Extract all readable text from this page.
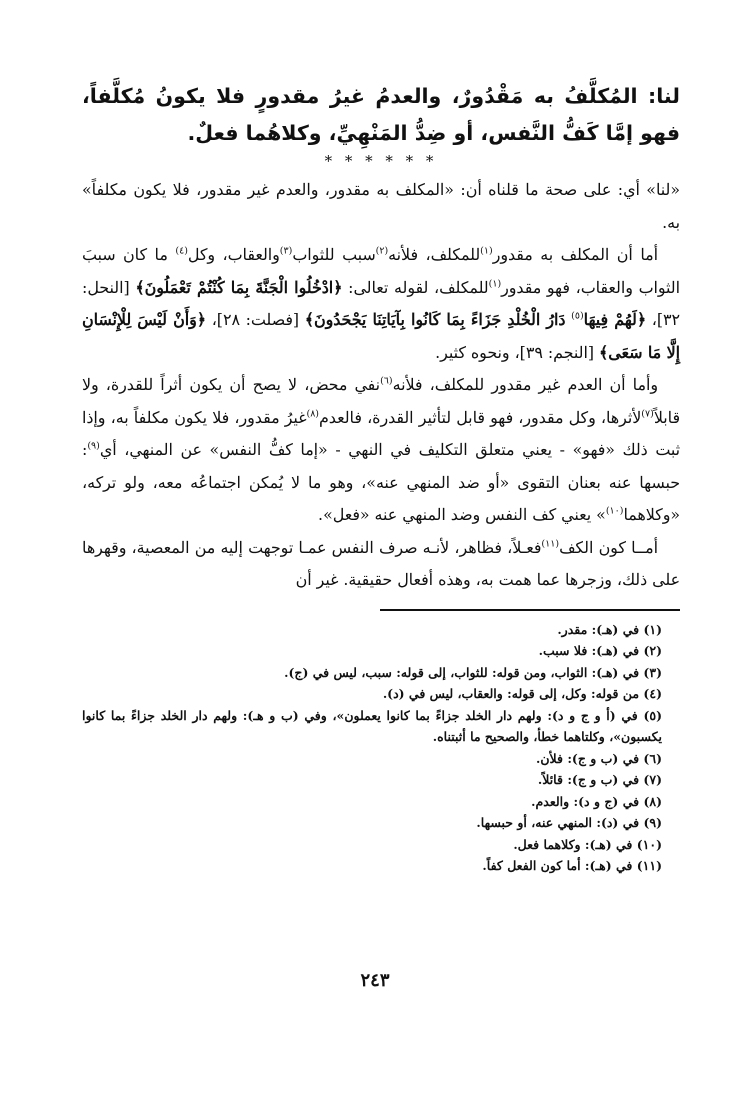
لنا: المُكلَّفُ به مَقْدُورٌ، والعدمُ غيرُ مقدورٍ فلا يكونُ مُكلَّفاً، فهو إمَّا كَفُّ النَّفس، أو ضِدُّ المَنْهِيِّ، وكلاهُما فعلٌ.

* * * * * *

«لنا» أي: على صحة ما قلناه أن: «المكلف به مقدور، والعدم غير مقدور، فلا يكون مكلفاً» به.

أما أن المكلف به مقدور$^{(١)}$للمكلف، فلأنه$^{(٢)}$سبب للثواب$^{(٣)}$والعقاب، وكل$^{(٤)}$ ما كان سببَ الثواب والعقاب، فهو مقدور$^{(١)}$للمكلف، لقوله تعالى: ﴿ادْخُلُوا الْجَنَّةَ بِمَا كُنْتُمْ تَعْمَلُونَ﴾ [النحل: ٣٢]، ﴿لَهُمْ فِيهَا$^{(٥)}$ دَارُ الْخُلْدِ جَزَاءً بِمَا كَانُوا بِآيَاتِنَا يَجْحَدُونَ﴾ [فصلت: ٢٨]، ﴿وَأَنْ لَيْسَ لِلْإِنْسَانِ إِلَّا مَا سَعَى﴾ [النجم: ٣٩]، ونحوه كثير.

وأما أن العدم غير مقدور للمكلف، فلأنه$^{(٦)}$نفي محض، لا يصح أن يكون أثراً للقدرة، ولا قابلاً$^{(٧)}$لأثرها، وكل مقدور، فهو قابل لتأثير القدرة، فالعدم$^{(٨)}$غيرُ مقدور، فلا يكون مكلفاً به، وإذا ثبت ذلك «فهو» - يعني متعلق التكليف في النهي - «إما كفُّ النفس» عن المنهي، أي$^{(٩)}$: حبسها عنه بعنان التقوى «أو ضد المنهي عنه»، وهو ما لا يُمكن اجتماعُه معه، ولو تركه، «وكلاهما$^{(١٠)}$» يعني كف النفس وضد المنهي عنه «فعل».

أمــا كون الكف$^{(١١)}$فعـلاً، فظاهر، لأنـه صرف النفس عمـا توجهت إليه من المعصية، وقهرها على ذلك، وزجرها عما همت به، وهذه أفعال حقيقية. غير أن

(١) في (هـ): مقدر.
(٢) في (هـ): فلا سبب.
(٣) في (هـ): الثواب، ومن قوله: للثواب، إلى قوله: سبب، ليس في (ج).
(٤) من قوله: وكل، إلى قوله: والعقاب، ليس في (د).
(٥) في (أ و ج و د): ولهم دار الخلد جزاءً بما كانوا يعملون»، وفي (ب و هـ): ولهم دار الخلد جزاءً بما كانوا يكسبون»، وكلتاهما خطأ، والصحيح ما أثبتناه.
(٦) في (ب و ج): فلأن.
(٧) في (ب و ج): قائلاً.
(٨) في (ج و د): والعدم.
(٩) في (د): المنهي عنه، أو حبسها.
(١٠) في (هـ): وكلاهما فعل.
(١١) في (هـ): أما كون الفعل كفاً.
٢٤٣
